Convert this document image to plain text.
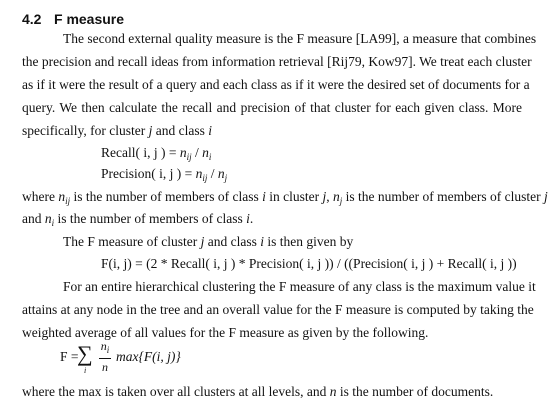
4.2 F measure
The second external quality measure is the F measure [LA99], a measure that combines
the precision and recall ideas from information retrieval [Rij79, Kow97]. We treat each cluster
as if it were the result of a query and each class as if it were the desired set of documents for a
query. We then calculate the recall and precision of that cluster for each given class. More
specifically, for cluster j and class i
Recall( i, j ) = $n_{ij} / n_i$
Precision( i, j ) = $n_{ij} / n_j$
where $n_{ij}$ is the number of members of class i in cluster j, $n_j$ is the number of members of cluster j
and $n_i$ is the number of members of class i.
The F measure of cluster j and class i is then given by
F(i, j) = (2 * Recall( i, j ) * Precision( i, j )) / ((Precision( i, j ) + Recall( i, j ))
For an entire hierarchical clustering the F measure of any class is the maximum value it
attains at any node in the tree and an overall value for the F measure is computed by taking the
weighted average of all values for the F measure as given by the following.
F =
∑
i
$n_i$
n
max{F(i, j)}
where the max is taken over all clusters at all levels, and n is the number of documents.
